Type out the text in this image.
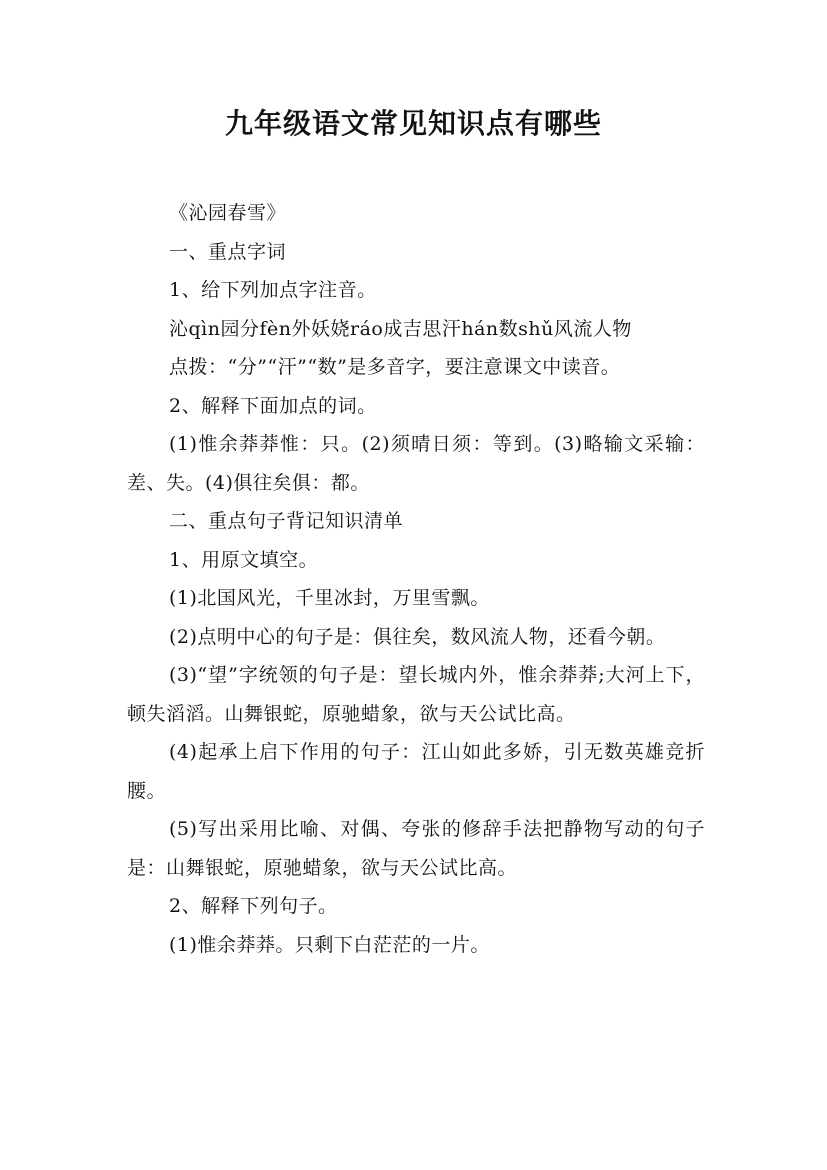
九年级语文常见知识点有哪些

《沁园春雪》

一、重点字词

1、给下列加点字注音。

沁qìn园分fèn外妖娆ráo成吉思汗hán数shǔ风流人物

点拨：“分”“汗”“数”是多音字，要注意课文中读音。

2、解释下面加点的词。

(1)惟余莽莽惟：只。(2)须晴日须：等到。(3)略输文采输：差、失。(4)俱往矣俱：都。

二、重点句子背记知识清单

1、用原文填空。

(1)北国风光，千里冰封，万里雪飘。

(2)点明中心的句子是：俱往矣，数风流人物，还看今朝。

(3)“望”字统领的句子是：望长城内外，惟余莽莽;大河上下，顿失滔滔。山舞银蛇，原驰蜡象，欲与天公试比高。

(4)起承上启下作用的句子：江山如此多娇，引无数英雄竞折腰。

(5)写出采用比喻、对偶、夸张的修辞手法把静物写动的句子是：山舞银蛇，原驰蜡象，欲与天公试比高。

2、解释下列句子。

(1)惟余莽莽。只剩下白茫茫的一片。
